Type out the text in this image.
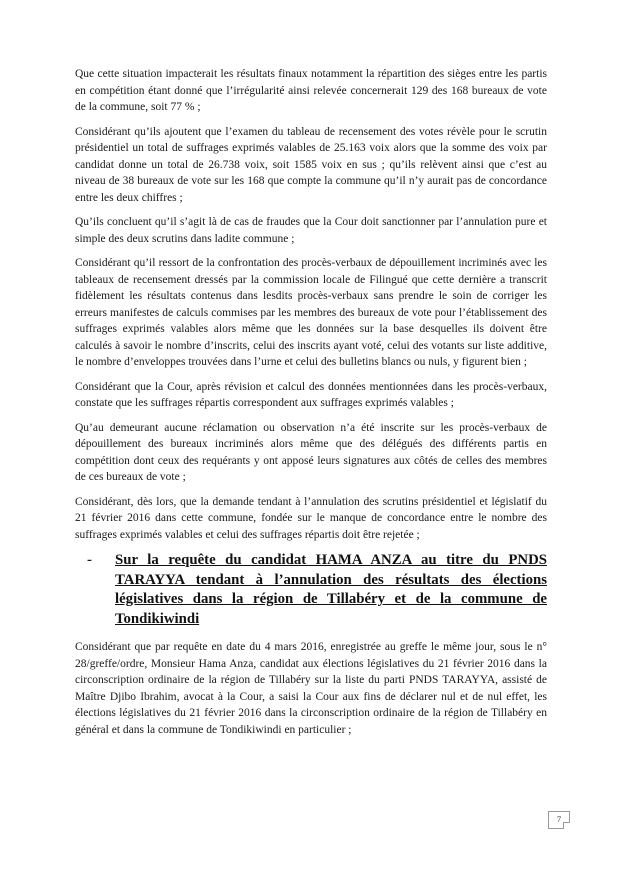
Que cette situation impacterait les résultats finaux notamment la répartition des sièges entre les partis en compétition étant donné que l’irrégularité ainsi relevée concernerait 129 des 168 bureaux de vote de la commune, soit 77 % ;

Considérant qu’ils ajoutent que l’examen du tableau de recensement des votes révèle pour le scrutin présidentiel un total de suffrages exprimés valables de 25.163 voix alors que la somme des voix par candidat donne un total de 26.738 voix, soit 1585 voix en sus ; qu’ils relèvent ainsi que c’est au niveau de 38 bureaux de vote sur les 168 que compte la commune qu’il n’y aurait pas de concordance entre les deux chiffres ;

Qu’ils concluent qu’il s’agit là de cas de fraudes que la Cour doit sanctionner par l’annulation pure et simple des deux scrutins dans ladite commune ;

Considérant qu’il ressort de la confrontation des procès-verbaux de dépouillement incriminés avec les tableaux de recensement dressés par la commission locale de Filingué que cette dernière a transcrit fidèlement les résultats contenus dans lesdits procès-verbaux sans prendre le soin de corriger les erreurs manifestes de calculs commises par les membres des bureaux de vote pour l’établissement des suffrages exprimés valables alors même que les données sur la base desquelles ils doivent être calculés à savoir le nombre d’inscrits, celui des inscrits ayant voté, celui des votants sur liste additive, le nombre d’enveloppes trouvées dans l’urne et celui des bulletins blancs ou nuls, y figurent bien ;

Considérant que la Cour, après révision et calcul des données mentionnées dans les procès-verbaux, constate que les suffrages répartis correspondent aux suffrages exprimés valables ;

Qu’au demeurant aucune réclamation ou observation n’a été inscrite sur les procès-verbaux de dépouillement des bureaux incriminés alors même que des délégués des différents partis en compétition dont ceux des requérants y ont apposé leurs signatures aux côtés de celles des membres de ces bureaux de vote ;

Considérant, dès lors, que la demande tendant à l’annulation des scrutins présidentiel et législatif du 21 février 2016 dans cette commune, fondée sur le manque de concordance entre le nombre des suffrages exprimés valables et celui des suffrages répartis doit être rejetée ;

-	Sur la requête du candidat HAMA ANZA au titre du PNDS TARAYYA tendant à l’annulation des résultats des élections législatives dans la région de Tillabéry et de la commune de Tondikiwindi

Considérant que par requête en date du 4 mars 2016, enregistrée au greffe le même jour, sous le n° 28/greffe/ordre, Monsieur Hama Anza, candidat aux élections législatives du 21 février 2016 dans la circonscription ordinaire de la région de Tillabéry sur la liste du parti PNDS TARAYYA, assisté de Maître Djibo Ibrahim, avocat à la Cour, a saisi la Cour aux fins de déclarer nul et de nul effet, les élections législatives du 21 février 2016 dans la circonscription ordinaire de la région de Tillabéry en général et dans la commune de Tondikiwindi en particulier ;

7
